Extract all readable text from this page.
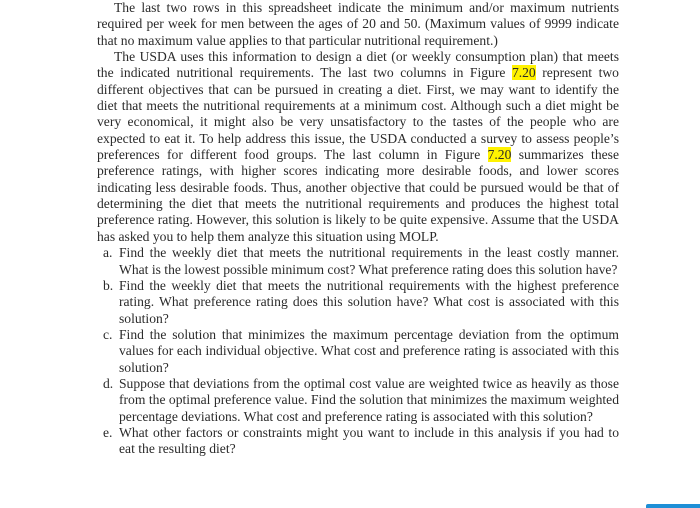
The last two rows in this spreadsheet indicate the minimum and/or maximum nutrients required per week for men between the ages of 20 and 50. (Maximum values of 9999 indicate that no maximum value applies to that particular nutritional requirement.)

The USDA uses this information to design a diet (or weekly consumption plan) that meets the indicated nutritional requirements. The last two columns in Figure 7.20 represent two different objectives that can be pursued in creating a diet. First, we may want to identify the diet that meets the nutritional requirements at a minimum cost. Although such a diet might be very economical, it might also be very unsatisfactory to the tastes of the people who are expected to eat it. To help address this issue, the USDA conducted a survey to assess people’s preferences for different food groups. The last column in Figure 7.20 summarizes these preference ratings, with higher scores indicating more desirable foods, and lower scores indicating less desirable foods. Thus, another objective that could be pursued would be that of determining the diet that meets the nutritional requirements and produces the highest total preference rating. However, this solution is likely to be quite expensive. Assume that the USDA has asked you to help them analyze this situation using MOLP.

a. Find the weekly diet that meets the nutritional requirements in the least costly manner. What is the lowest possible minimum cost? What preference rating does this solution have?
b. Find the weekly diet that meets the nutritional requirements with the highest preference rating. What preference rating does this solution have? What cost is associated with this solution?
c. Find the solution that minimizes the maximum percentage deviation from the optimum values for each individual objective. What cost and preference rating is associated with this solution?
d. Suppose that deviations from the optimal cost value are weighted twice as heavily as those from the optimal preference value. Find the solution that minimizes the maximum weighted percentage deviations. What cost and preference rating is associated with this solution?
e. What other factors or constraints might you want to include in this analysis if you had to eat the resulting diet?
